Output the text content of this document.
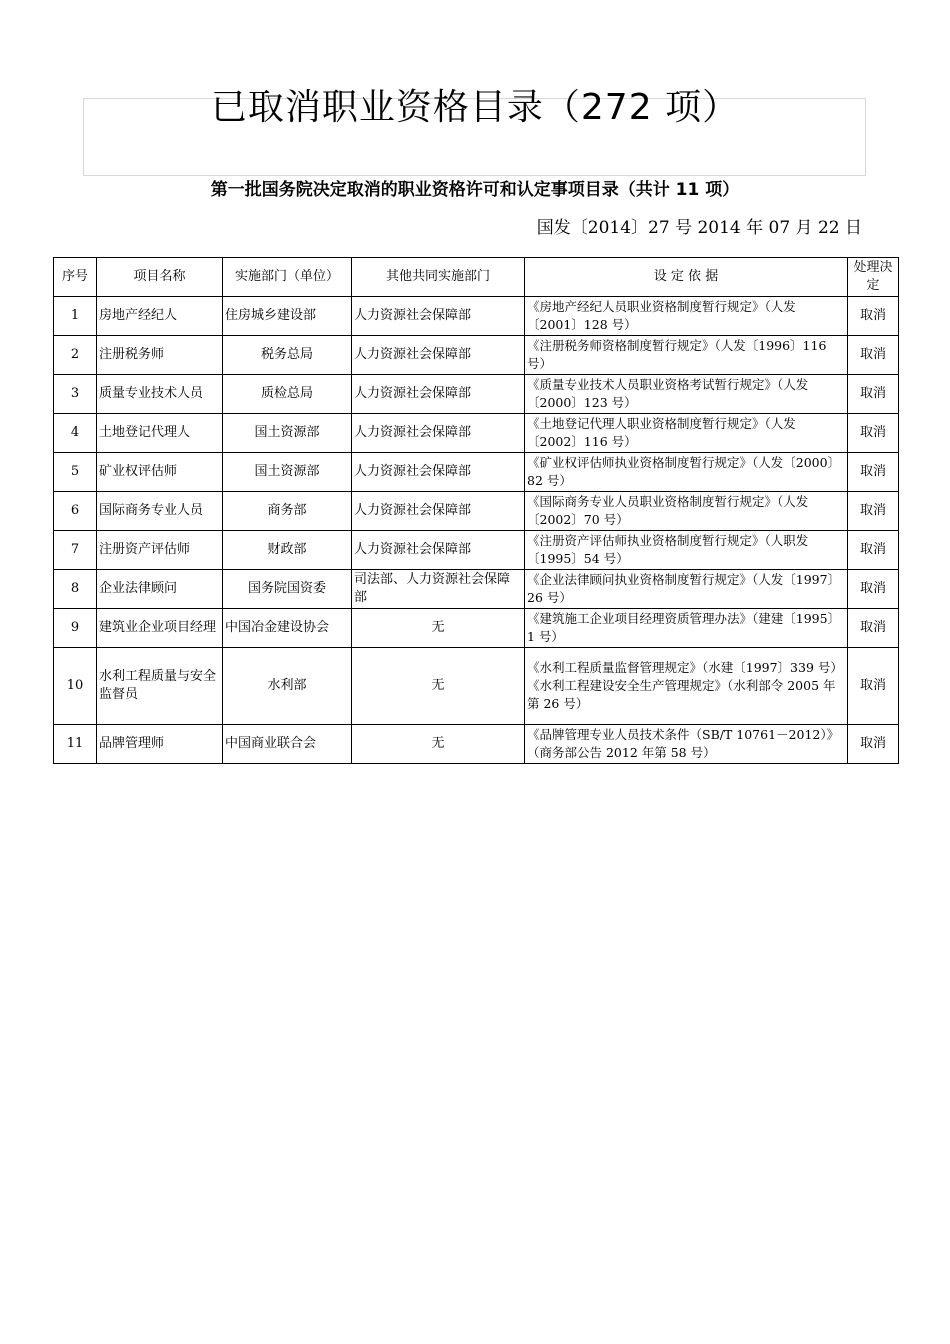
已取消职业资格目录（272 项）
第一批国务院决定取消的职业资格许可和认定事项目录（共计 11 项）
国发〔2014〕27 号 2014 年 07 月 22 日
序号	项目名称	实施部门（单位）	其他共同实施部门	设 定 依 据	处理决定
1	房地产经纪人	住房城乡建设部	人力资源社会保障部	《房地产经纪人员职业资格制度暂行规定》（人发〔2001〕128 号）	取消
2	注册税务师	税务总局	人力资源社会保障部	《注册税务师资格制度暂行规定》（人发〔1996〕116 号）	取消
3	质量专业技术人员	质检总局	人力资源社会保障部	《质量专业技术人员职业资格考试暂行规定》（人发〔2000〕123 号）	取消
4	土地登记代理人	国土资源部	人力资源社会保障部	《土地登记代理人职业资格制度暂行规定》（人发〔2002〕116 号）	取消
5	矿业权评估师	国土资源部	人力资源社会保障部	《矿业权评估师执业资格制度暂行规定》（人发〔2000〕82 号）	取消
6	国际商务专业人员	商务部	人力资源社会保障部	《国际商务专业人员职业资格制度暂行规定》（人发〔2002〕70 号）	取消
7	注册资产评估师	财政部	人力资源社会保障部	《注册资产评估师执业资格制度暂行规定》（人职发〔1995〕54 号）	取消
8	企业法律顾问	国务院国资委	司法部、人力资源社会保障部	《企业法律顾问执业资格制度暂行规定》（人发〔1997〕26 号）	取消
9	建筑业企业项目经理	中国冶金建设协会	无	《建筑施工企业项目经理资质管理办法》（建建〔1995〕1 号）	取消
10	水利工程质量与安全监督员	水利部	无	《水利工程质量监督管理规定》（水建〔1997〕339 号）
《水利工程建设安全生产管理规定》（水利部令 2005 年第 26 号）	取消
11	品牌管理师	中国商业联合会	无	《品牌管理专业人员技术条件（SB/T 10761－2012）》（商务部公告 2012 年第 58 号）	取消
